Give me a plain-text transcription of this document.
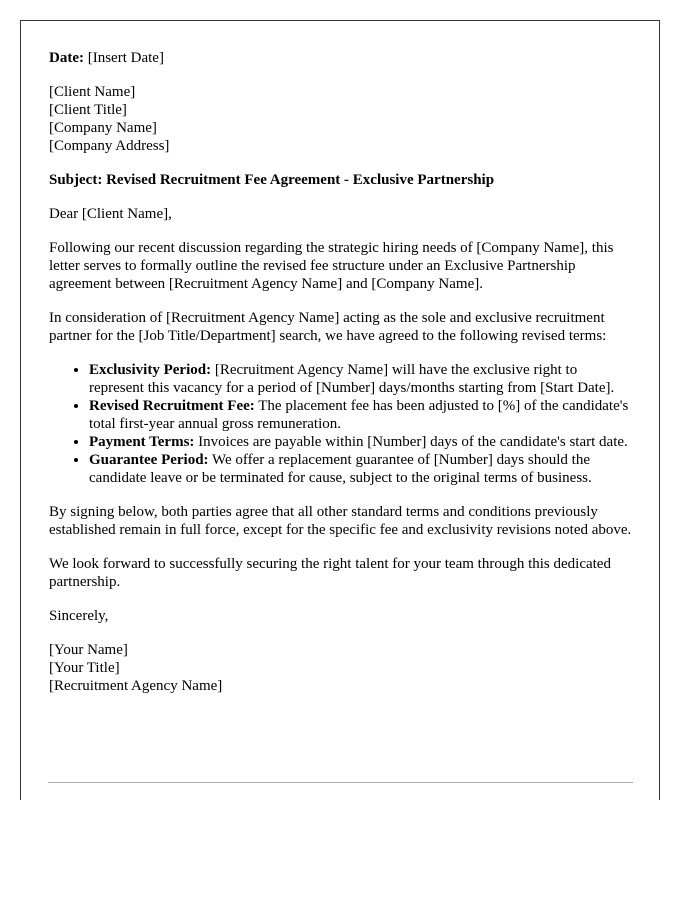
Date: [Insert Date]

[Client Name]
[Client Title]
[Company Name]
[Company Address]

Subject: Revised Recruitment Fee Agreement - Exclusive Partnership

Dear [Client Name],

Following our recent discussion regarding the strategic hiring needs of [Company Name], this letter serves to formally outline the revised fee structure under an Exclusive Partnership agreement between [Recruitment Agency Name] and [Company Name].

In consideration of [Recruitment Agency Name] acting as the sole and exclusive recruitment partner for the [Job Title/Department] search, we have agreed to the following revised terms:

• Exclusivity Period: [Recruitment Agency Name] will have the exclusive right to represent this vacancy for a period of [Number] days/months starting from [Start Date].
• Revised Recruitment Fee: The placement fee has been adjusted to [%] of the candidate's total first-year annual gross remuneration.
• Payment Terms: Invoices are payable within [Number] days of the candidate's start date.
• Guarantee Period: We offer a replacement guarantee of [Number] days should the candidate leave or be terminated for cause, subject to the original terms of business.

By signing below, both parties agree that all other standard terms and conditions previously established remain in full force, except for the specific fee and exclusivity revisions noted above.

We look forward to successfully securing the right talent for your team through this dedicated partnership.

Sincerely,

[Your Name]
[Your Title]
[Recruitment Agency Name]
